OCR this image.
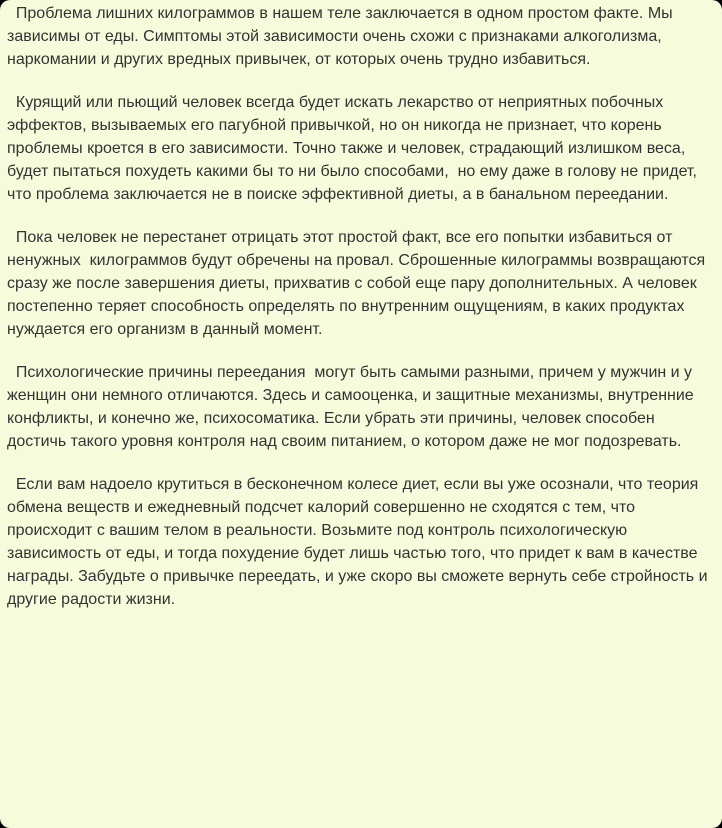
Проблема лишних килограммов в нашем теле заключается в одном простом факте. Мы зависимы от еды. Симптомы этой зависимости очень схожи с признаками алкоголизма, наркомании и других вредных привычек, от которых очень трудно избавиться.

Курящий или пьющий человек всегда будет искать лекарство от неприятных побочных эффектов, вызываемых его пагубной привычкой, но он никогда не признает, что корень проблемы кроется в его зависимости. Точно также и человек, страдающий излишком веса, будет пытаться похудеть какими бы то ни было способами,  но ему даже в голову не придет, что проблема заключается не в поиске эффективной диеты, а в банальном переедании.

Пока человек не перестанет отрицать этот простой факт, все его попытки избавиться от ненужных  килограммов будут обречены на провал. Сброшенные килограммы возвращаются сразу же после завершения диеты, прихватив с собой еще пару дополнительных. А человек постепенно теряет способность определять по внутренним ощущениям, в каких продуктах нуждается его организм в данный момент.

Психологические причины переедания  могут быть самыми разными, причем у мужчин и у женщин они немного отличаются. Здесь и самооценка, и защитные механизмы, внутренние конфликты, и конечно же, психосоматика. Если убрать эти причины, человек способен достичь такого уровня контроля над своим питанием, о котором даже не мог подозревать.

Если вам надоело крутиться в бесконечном колесе диет, если вы уже осознали, что теория обмена веществ и ежедневный подсчет калорий совершенно не сходятся с тем, что происходит с вашим телом в реальности. Возьмите под контроль психологическую зависимость от еды, и тогда похудение будет лишь частью того, что придет к вам в качестве награды. Забудьте о привычке переедать, и уже скоро вы сможете вернуть себе стройность и другие радости жизни.
